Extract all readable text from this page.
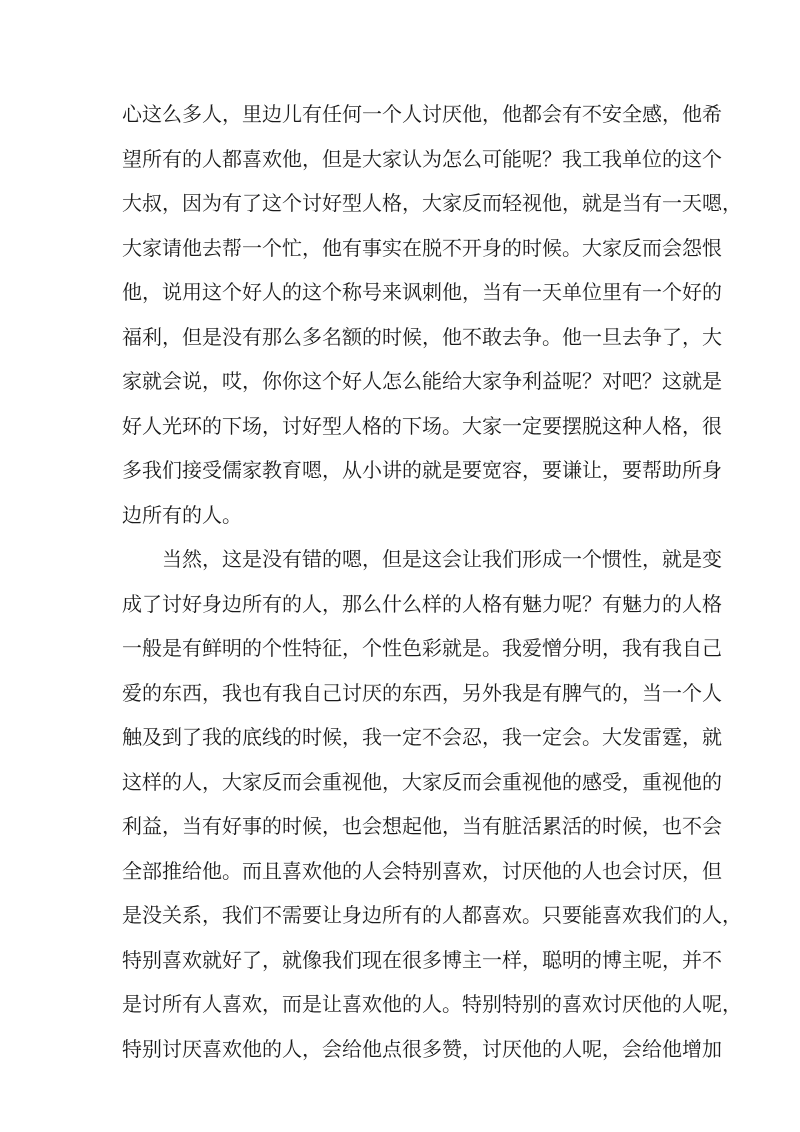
心这么多人，里边儿有任何一个人讨厌他，他都会有不安全感，他希
望所有的人都喜欢他，但是大家认为怎么可能呢？我工我单位的这个
大叔，因为有了这个讨好型人格，大家反而轻视他，就是当有一天嗯，
大家请他去帮一个忙，他有事实在脱不开身的时候。大家反而会怨恨
他，说用这个好人的这个称号来讽刺他，当有一天单位里有一个好的
福利，但是没有那么多名额的时候，他不敢去争。他一旦去争了，大
家就会说，哎，你你这个好人怎么能给大家争利益呢？对吧？这就是
好人光环的下场，讨好型人格的下场。大家一定要摆脱这种人格，很
多我们接受儒家教育嗯，从小讲的就是要宽容，要谦让，要帮助所身
边所有的人。
当然，这是没有错的嗯，但是这会让我们形成一个惯性，就是变
成了讨好身边所有的人，那么什么样的人格有魅力呢？有魅力的人格
一般是有鲜明的个性特征，个性色彩就是。我爱憎分明，我有我自己
爱的东西，我也有我自己讨厌的东西，另外我是有脾气的，当一个人
触及到了我的底线的时候，我一定不会忍，我一定会。大发雷霆，就
这样的人，大家反而会重视他，大家反而会重视他的感受，重视他的
利益，当有好事的时候，也会想起他，当有脏活累活的时候，也不会
全部推给他。而且喜欢他的人会特别喜欢，讨厌他的人也会讨厌，但
是没关系，我们不需要让身边所有的人都喜欢。只要能喜欢我们的人，
特别喜欢就好了，就像我们现在很多博主一样，聪明的博主呢，并不
是讨所有人喜欢，而是让喜欢他的人。特别特别的喜欢讨厌他的人呢，
特别讨厌喜欢他的人，会给他点很多赞，讨厌他的人呢，会给他增加
